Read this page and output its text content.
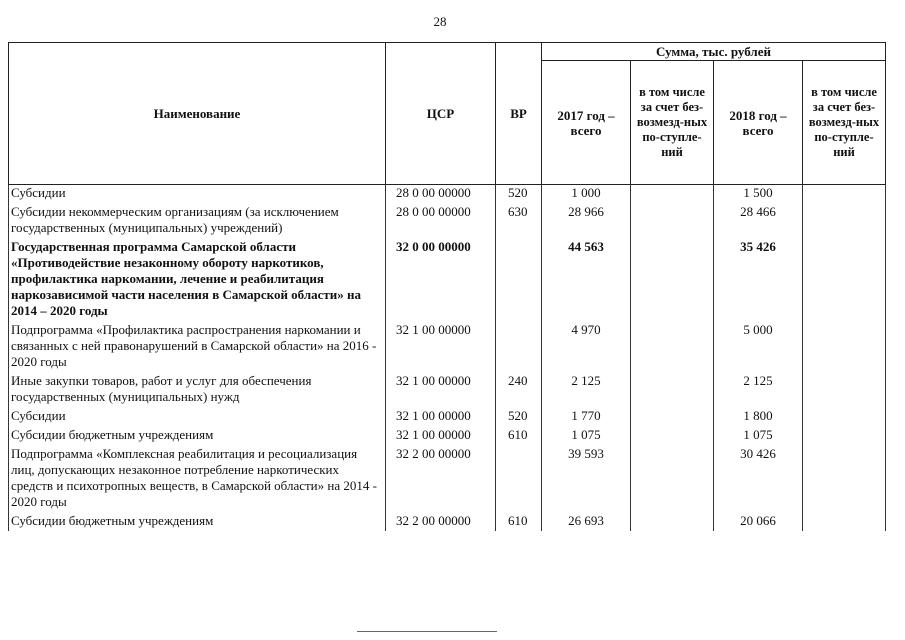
28
Наименование	ЦСР	ВР	Сумма, тыс. рублей			
			2017 год – всего	в том числе за счет без-возмезд-ных по-ступле-ний	2018 год – всего	в том числе за счет без-возмезд-ных по-ступле-ний
Субсидии	28 0 00 00000	520	1 000		1 500	
Субсидии некоммерческим организациям (за исключением государственных (муниципальных) учреждений)	28 0 00 00000	630	28 966		28 466	
Государственная программа Самарской области «Противодействие незаконному обороту наркотиков, профилактика наркомании, лечение и реабилитация наркозависимой части населения в Самарской области» на 2014 – 2020 годы	32 0 00 00000		44 563		35 426	
Подпрограмма «Профилактика распространения наркомании и связанных с ней правонарушений в Самарской области» на 2016 - 2020 годы	32 1 00 00000		4 970		5 000	
Иные закупки товаров, работ и услуг для обеспечения государственных (муниципальных) нужд	32 1 00 00000	240	2 125		2 125	
Субсидии	32 1 00 00000	520	1 770		1 800	
Субсидии бюджетным учреждениям	32 1 00 00000	610	1 075		1 075	
Подпрограмма «Комплексная реабилитация и ресоциализация лиц, допускающих незаконное потребление наркотических средств и психотропных веществ, в Самарской области» на 2014 - 2020 годы	32 2 00 00000		39 593		30 426	
Субсидии бюджетным учреждениям	32 2 00 00000	610	26 693		20 066	
